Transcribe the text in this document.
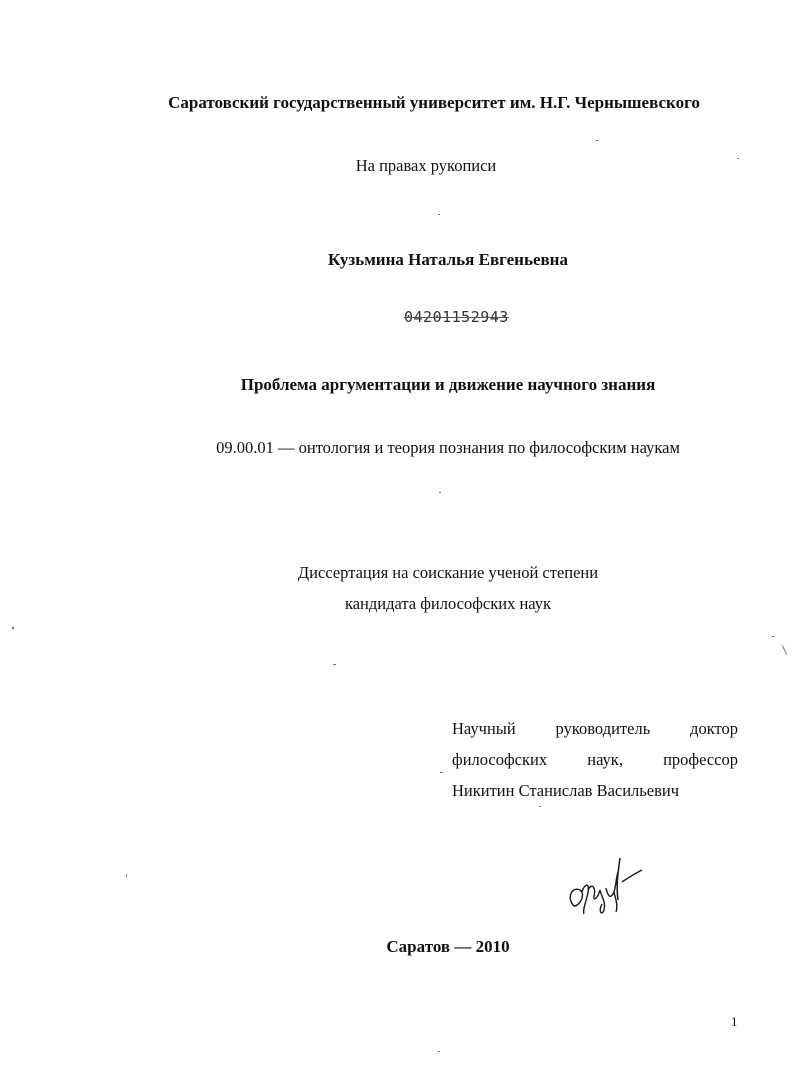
Саратовский государственный университет им. Н.Г. Чернышевского
На правах рукописи
Кузьмина Наталья Евгеньевна
04201152943
Проблема аргументации и движение научного знания
09.00.01 — онтология и теория познания по философским наукам
Диссертация на соискание ученой степени
кандидата философских наук
Научный руководитель доктор
философских наук, профессор
Никитин Станислав Васильевич
Саратов — 2010
1
